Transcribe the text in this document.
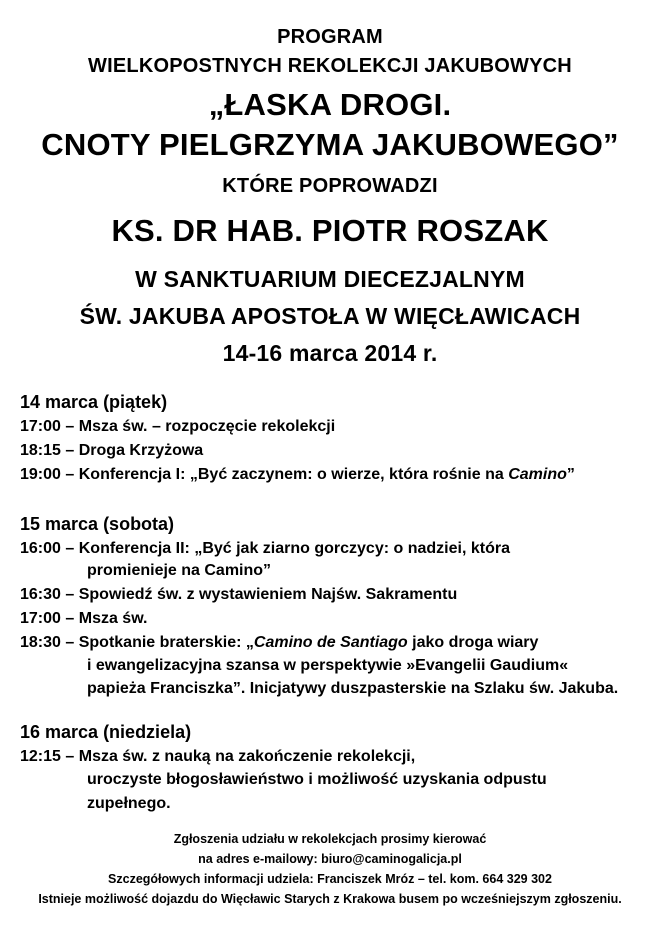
PROGRAM
WIELKOPOSTNYCH REKOLEKCJI JAKUBOWYCH
„ŁASKA DROGI.
CNOTY PIELGRZYMA JAKUBOWEGO”
KTÓRE POPROWADZI
KS. DR HAB. PIOTR ROSZAK
W SANKTUARIUM DIECEZJALNYM
ŚW. JAKUBA APOSTOŁA W WIĘCŁAWICACH
14-16 marca 2014 r.
14 marca (piątek)
17:00 – Msza św. – rozpoczęcie rekolekcji
18:15 – Droga Krzyżowa
19:00 – Konferencja I: „Być zaczynem: o wierze, która rośnie na Camino”
15 marca (sobota)
16:00 – Konferencja II: „Być jak ziarno gorczycy: o nadziei, która
promienieje na Camino”
16:30 – Spowiedź św. z wystawieniem Najśw. Sakramentu
17:00 – Msza św.
18:30 – Spotkanie braterskie: „Camino de Santiago jako droga wiary
i ewangelizacyjna szansa w perspektywie »Evangelii Gaudium«
papieża Franciszka”. Inicjatywy duszpasterskie na Szlaku św. Jakuba.
16 marca (niedziela)
12:15 – Msza św. z nauką na zakończenie rekolekcji,
uroczyste błogosławieństwo i możliwość uzyskania odpustu
zupełnego.
Zgłoszenia udziału w rekolekcjach prosimy kierować
na adres e-mailowy: biuro@caminogalicja.pl
Szczegółowych informacji udziela: Franciszek Mróz – tel. kom. 664 329 302
Istnieje możliwość dojazdu do Więcławic Starych z Krakowa busem po wcześniejszym zgłoszeniu.
